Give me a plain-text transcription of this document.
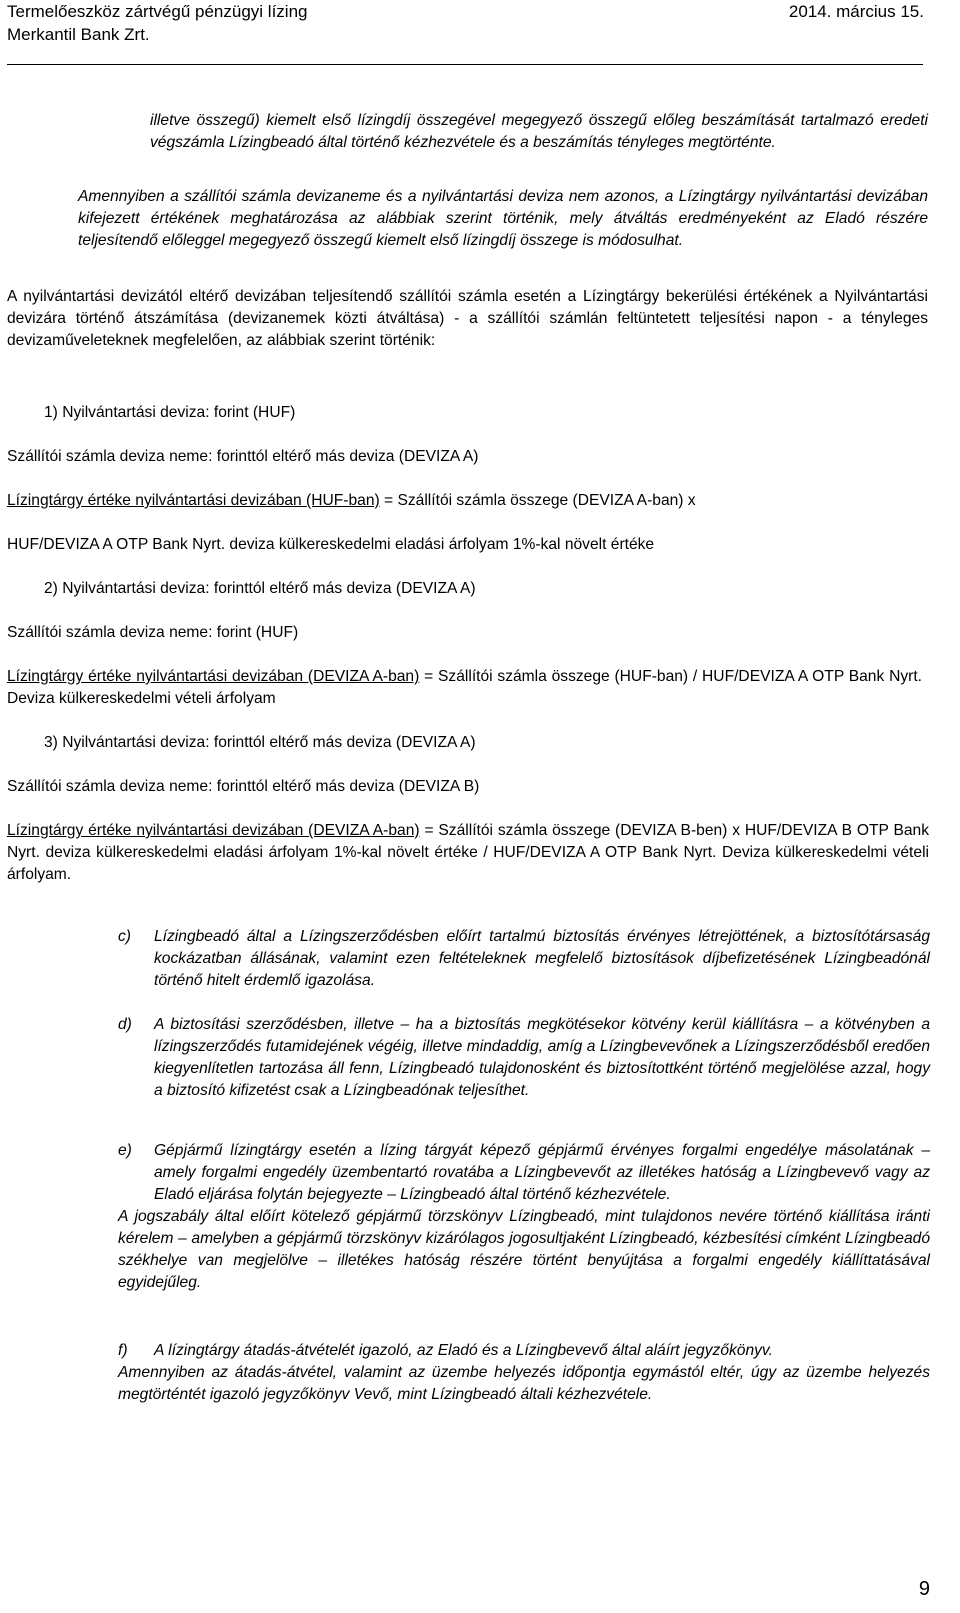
Termelőeszköz zártvégű pénzügyi lízing
Merkantil Bank Zrt.
2014. március 15.
illetve összegű) kiemelt első lízingdíj összegével megegyező összegű előleg beszámítását tartalmazó eredeti végszámla Lízingbeadó által történő kézhezvétele és a beszámítás tényleges megtörténte.
Amennyiben a szállítói számla devizaneme és a nyilvántartási deviza nem azonos, a Lízingtárgy nyilvántartási devizában kifejezett értékének meghatározása az alábbiak szerint történik, mely átváltás eredményeként az Eladó részére teljesítendő előleggel megegyező összegű kiemelt első lízingdíj összege is módosulhat.
A nyilvántartási devizától eltérő devizában teljesítendő szállítói számla esetén a Lízingtárgy bekerülési értékének a Nyilvántartási devizára történő átszámítása (devizanemek közti átváltása) - a szállítói számlán feltüntetett teljesítési napon - a tényleges devizaműveleteknek megfelelően, az alábbiak szerint történik:
1) Nyilvántartási deviza: forint (HUF)
Szállítói számla deviza neme: forinttól eltérő más deviza (DEVIZA A)
Lízingtárgy értéke nyilvántartási devizában (HUF-ban) = Szállítói számla összege (DEVIZA A-ban) x
HUF/DEVIZA A OTP Bank Nyrt. deviza külkereskedelmi eladási árfolyam 1%-kal növelt értéke
2) Nyilvántartási deviza: forinttól eltérő más deviza (DEVIZA A)
Szállítói számla deviza neme: forint (HUF)
Lízingtárgy értéke nyilvántartási devizában (DEVIZA A-ban) = Szállítói számla összege (HUF-ban) / HUF/DEVIZA A OTP Bank Nyrt. Deviza külkereskedelmi vételi árfolyam
3) Nyilvántartási deviza: forinttól eltérő más deviza (DEVIZA A)
Szállítói számla deviza neme: forinttól eltérő más deviza (DEVIZA B)
Lízingtárgy értéke nyilvántartási devizában (DEVIZA A-ban) = Szállítói számla összege (DEVIZA B-ben) x HUF/DEVIZA B OTP Bank Nyrt. deviza külkereskedelmi eladási árfolyam 1%-kal növelt értéke / HUF/DEVIZA A OTP Bank Nyrt. Deviza külkereskedelmi vételi árfolyam.
c) Lízingbeadó által a Lízingszerződésben előírt tartalmú biztosítás érvényes létrejöttének, a biztosítótársaság kockázatban állásának, valamint ezen feltételeknek megfelelő biztosítások díjbefizetésének Lízingbeadónál történő hitelt érdemlő igazolása.
d) A biztosítási szerződésben, illetve – ha a biztosítás megkötésekor kötvény kerül kiállításra – a kötvényben a lízingszerződés futamidejének végéig, illetve mindaddig, amíg a Lízingbevevőnek a Lízingszerződésből eredően kiegyenlítetlen tartozása áll fenn, Lízingbeadó tulajdonosként és biztosítottként történő megjelölése azzal, hogy a biztosító kifizetést csak a Lízingbeadónak teljesíthet.
e) Gépjármű lízingtárgy esetén a lízing tárgyát képező gépjármű érvényes forgalmi engedélye másolatának – amely forgalmi engedély üzembentartó rovatába a Lízingbevevőt az illetékes hatóság a Lízingbevevő vagy az Eladó eljárása folytán bejegyezte – Lízingbeadó által történő kézhezvétele.
A jogszabály által előírt kötelező gépjármű törzskönyv Lízingbeadó, mint tulajdonos nevére történő kiállítása iránti kérelem – amelyben a gépjármű törzskönyv kizárólagos jogosultjaként Lízingbeadó, kézbesítési címként Lízingbeadó székhelye van megjelölve – illetékes hatóság részére történt benyújtása a forgalmi engedély kiállíttatásával egyidejűleg.
f) A lízingtárgy átadás-átvételét igazoló, az Eladó és a Lízingbevevő által aláírt jegyzőkönyv.
Amennyiben az átadás-átvétel, valamint az üzembe helyezés időpontja egymástól eltér, úgy az üzembe helyezés megtörténtét igazoló jegyzőkönyv Vevő, mint Lízingbeadó általi kézhezvétele.
9
